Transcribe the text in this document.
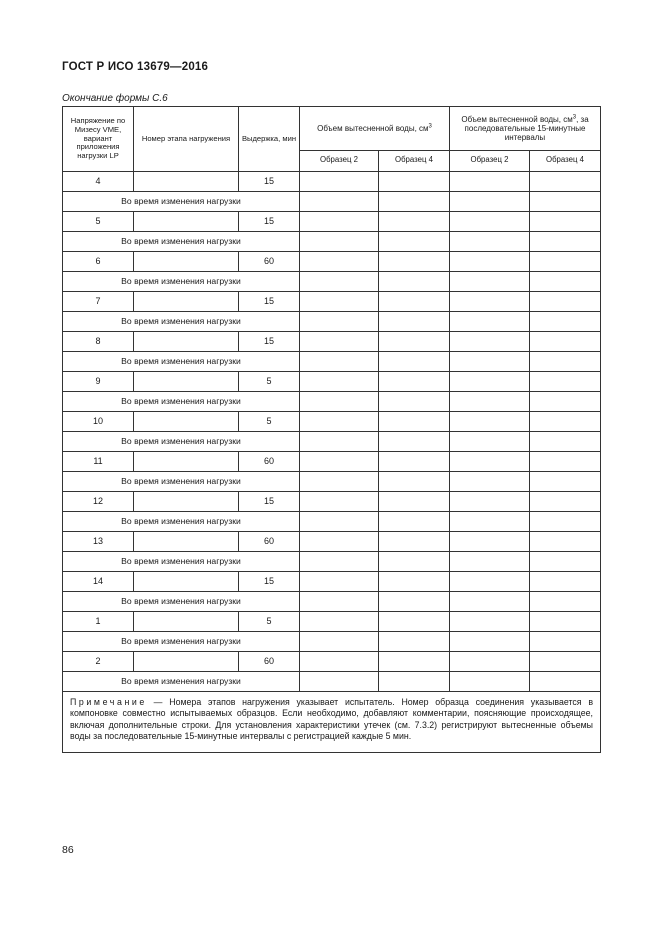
ГОСТ Р ИСО 13679—2016
Окончание формы С.6
Напряжение по Мизесу VME, вариант приложения нагрузки LP	Номер этапа нагружения	Выдержка, мин	Объем вытесненной воды, $см^3$		Объем вытесненной воды, $см^3$, за последовательные 15-минутные интервалы	
			Образец 2	Образец 4	Образец 2	Образец 4
4		15				
Во время изменения нагрузки						
5		15				
Во время изменения нагрузки						
6		60				
Во время изменения нагрузки						
7		15				
Во время изменения нагрузки						
8		15				
Во время изменения нагрузки						
9		5				
Во время изменения нагрузки						
10		5				
Во время изменения нагрузки						
11		60				
Во время изменения нагрузки						
12		15				
Во время изменения нагрузки						
13		60				
Во время изменения нагрузки						
14		15				
Во время изменения нагрузки						
1		5				
Во время изменения нагрузки						
2		60				
Во время изменения нагрузки						
Примечание — Номера этапов нагружения указывает испытатель. Номер образца соединения указывается в компоновке совместно испытываемых образцов. Если необходимо, добавляют комментарии, поясняющие происходящее, включая дополнительные строки. Для установления характеристики утечек (см. 7.3.2) регистрируют вытесненные объемы воды за последовательные 15-минутные интервалы с регистрацией каждые 5 мин.						
86
